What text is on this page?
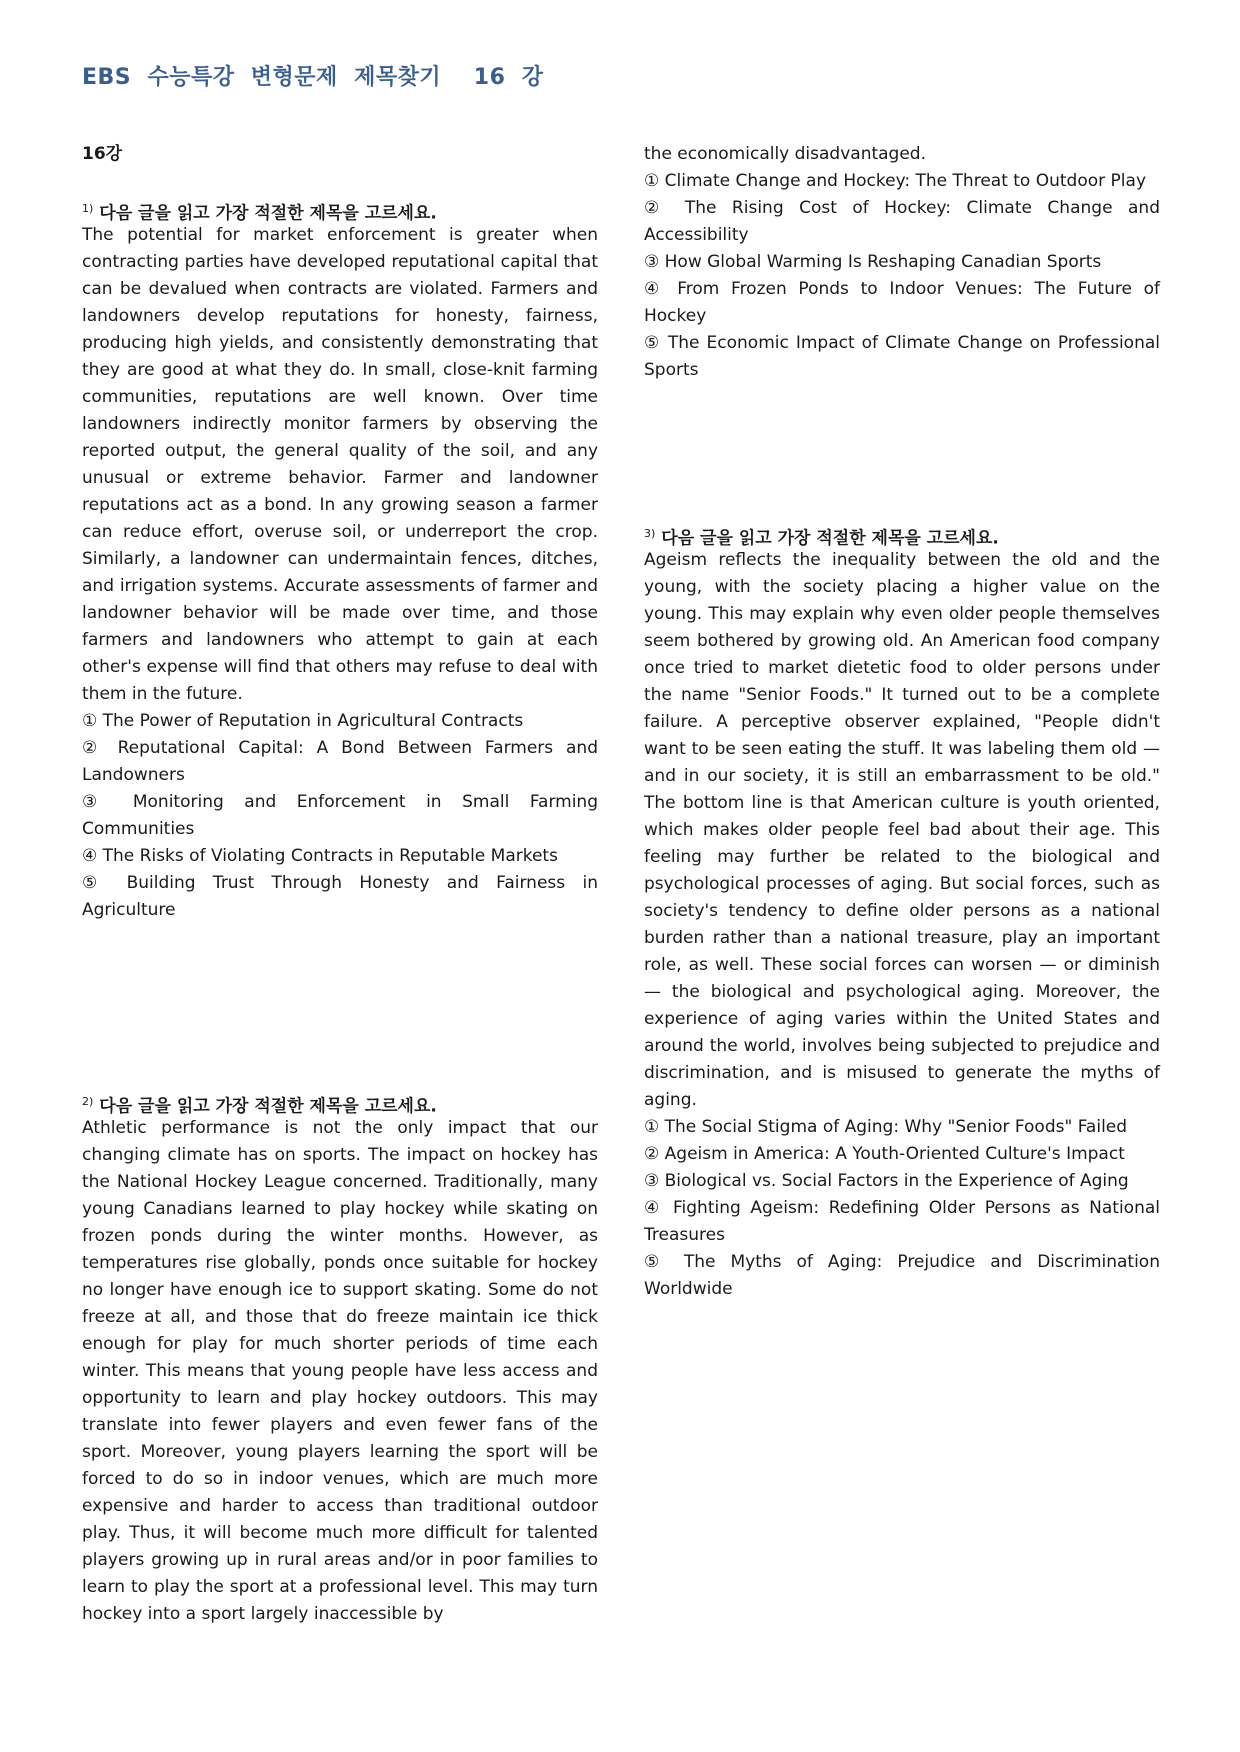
EBS  수능특강  변형문제  제목찾기    16  강
16강
$^{1)}$ 다음 글을 읽고 가장 적절한 제목을 고르세요.
The potential for market enforcement is greater when contracting parties have developed reputational capital that can be devalued when contracts are violated. Farmers and landowners develop reputations for honesty, fairness, producing high yields, and consistently demonstrating that they are good at what they do. In small, close-knit farming communities, reputations are well known. Over time landowners indirectly monitor farmers by observing the reported output, the general quality of the soil, and any unusual or extreme behavior. Farmer and landowner reputations act as a bond. In any growing season a farmer can reduce effort, overuse soil, or underreport the crop. Similarly, a landowner can undermaintain fences, ditches, and irrigation systems. Accurate assessments of farmer and landowner behavior will be made over time, and those farmers and landowners who attempt to gain at each other's expense will find that others may refuse to deal with them in the future.
① The Power of Reputation in Agricultural Contracts
② Reputational Capital: A Bond Between Farmers and Landowners
③ Monitoring and Enforcement in Small Farming Communities
④ The Risks of Violating Contracts in Reputable Markets
⑤ Building Trust Through Honesty and Fairness in Agriculture
$^{2)}$ 다음 글을 읽고 가장 적절한 제목을 고르세요.
Athletic performance is not the only impact that our changing climate has on sports. The impact on hockey has the National Hockey League concerned. Traditionally, many young Canadians learned to play hockey while skating on frozen ponds during the winter months. However, as temperatures rise globally, ponds once suitable for hockey no longer have enough ice to support skating. Some do not freeze at all, and those that do freeze maintain ice thick enough for play for much shorter periods of time each winter. This means that young people have less access and opportunity to learn and play hockey outdoors. This may translate into fewer players and even fewer fans of the sport. Moreover, young players learning the sport will be forced to do so in indoor venues, which are much more expensive and harder to access than traditional outdoor play. Thus, it will become much more difficult for talented players growing up in rural areas and/or in poor families to learn to play the sport at a professional level. This may turn hockey into a sport largely inaccessible by
the economically disadvantaged.
① Climate Change and Hockey: The Threat to Outdoor Play
② The Rising Cost of Hockey: Climate Change and Accessibility
③ How Global Warming Is Reshaping Canadian Sports
④ From Frozen Ponds to Indoor Venues: The Future of Hockey
⑤ The Economic Impact of Climate Change on Professional Sports
$^{3)}$ 다음 글을 읽고 가장 적절한 제목을 고르세요.
Ageism reflects the inequality between the old and the young, with the society placing a higher value on the young. This may explain why even older people themselves seem bothered by growing old. An American food company once tried to market dietetic food to older persons under the name "Senior Foods." It turned out to be a complete failure. A perceptive observer explained, "People didn't want to be seen eating the stuff. It was labeling them old — and in our society, it is still an embarrassment to be old." The bottom line is that American culture is youth oriented, which makes older people feel bad about their age. This feeling may further be related to the biological and psychological processes of aging. But social forces, such as society's tendency to define older persons as a national burden rather than a national treasure, play an important role, as well. These social forces can worsen — or diminish — the biological and psychological aging. Moreover, the experience of aging varies within the United States and around the world, involves being subjected to prejudice and discrimination, and is misused to generate the myths of aging.
① The Social Stigma of Aging: Why "Senior Foods" Failed
② Ageism in America: A Youth-Oriented Culture's Impact
③ Biological vs. Social Factors in the Experience of Aging
④ Fighting Ageism: Redefining Older Persons as National Treasures
⑤ The Myths of Aging: Prejudice and Discrimination Worldwide
